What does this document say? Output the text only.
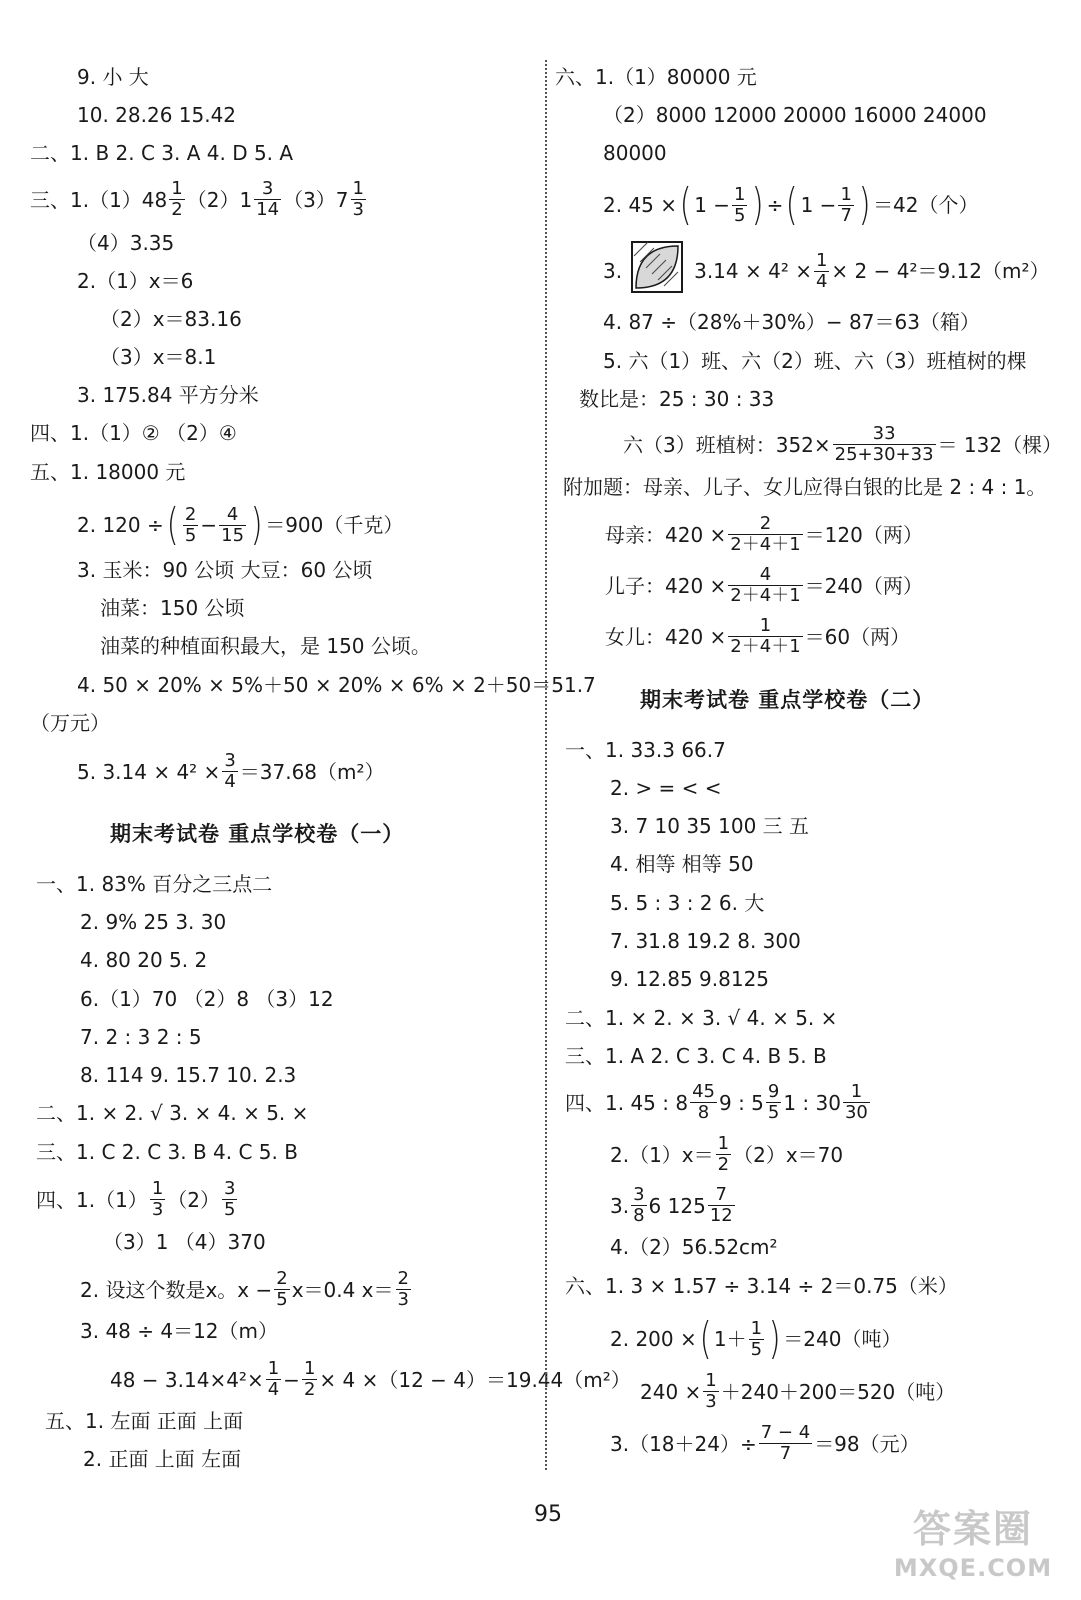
9. 小 大
10. 28.26 15.42
二、1. B 2. C 3. A 4. D 5. A
三、$1.(1)48 \frac{1}{2} (2)1 \frac{3}{14} (3)7 \frac{1}{3}$
（4）3.35
2.（1）x＝6
（2）x＝83.16
（3）x＝8.1
3. 175.84 平方分米
四、1.（1）② （2）④
五、1. 18000 元
2. 120 ÷( $\frac{2}{5} - \frac{4}{15}$ ) ＝900（千克）
3. 玉米：90 公顷 大豆：60 公顷
油菜：150 公顷
油菜的种植面积最大，是 150 公顷。
4. 50 × 20% × 5%＋50 × 20% × 6% × 2＋50＝51.7
（万元）
5. $3.14 \times 4^2 \times \frac{3}{4} =37.68(m^2)$
期末考试卷 重点学校卷（一）
一、1. 83% 百分之三点二
2. 9% 25 3. 30
4. 80 20 5. 2
6.（1）70 （2）8 （3）12
7. 2 : 3 2 : 5
8. 114 9. 15.7 10. 2.3
二、1. × 2. √ 3. × 4. × 5. ×
三、1. C 2. C 3. B 4. C 5. B
四、$1.(1) \frac{1}{3} (2) \frac{3}{5}$
（3）1 （4）370
2. 设这个数是x。$x - \frac{2}{5} x=0.4$ $x= \frac{2}{3}$
3. 48 ÷ 4＝12（m）
$48 - 3.14\times 4^2\times \frac{1}{4} - \frac{1}{2} \times 4 \times(12 - 4)=19.44(m^2)$
五、1. 左面 正面 上面
2. 正面 上面 左面
六、1.（1）80000 元
（2）8000 12000 20000 16000 24000
80000
2. 45 ×( $1 - \frac{1}{5}$ ) ÷( $1 - \frac{1}{7}$ ) ＝42（个）
3.	$3.14 \times 4^2 \times \frac{1}{4} \times 2 - 4^2=9.12(m^2)$
4. 87 ÷（28%＋30%）− 87＝63（箱）
5. 六（1）班、六（2）班、六（3）班植树的棵
数比是：25 : 30 : 33
六（3）班植树：$352\times \frac{33}{25+30+33} = 132$（棵）
附加题：母亲、儿子、女儿应得白银的比是 2 : 4 : 1。
母亲：$420 \times \frac{2}{2+4+1} =120$（两）
儿子：$420 \times \frac{4}{2+4+1} =240$（两）
女儿：$420 \times \frac{1}{2+4+1} =60$（两）
期末考试卷 重点学校卷（二）
一、1. 33.3 66.7
2. > = < <
3. 7 10 35 100 三 五
4. 相等 相等 50
5. 5 : 3 : 2 6. 大
7. 31.8 19.2 8. 300
9. 12.85 9.8125
二、1. × 2. × 3. √ 4. × 5. ×
三、1. A 2. C 3. C 4. B 5. B
四、1. 45 : $8 \frac{45}{8} 9$ : $5 \frac{9}{5} 1$ : $30 \frac{1}{30}$
$2.(1)x= \frac{1}{2} (2)x=70$
3. $\frac{3}{8} 6$ $125 \frac{7}{12}$
4.（2）56.52cm²
六、1. 3 × 1.57 ÷ 3.14 ÷ 2＝0.75（米）
2. 200 ×( $1+ \frac{1}{5}$ ) ＝240（吨）
$240 \times \frac{1}{3} +240+200=520$（吨）
$3.(18+24)\div \frac{7 - 4}{7} =98$（元）
95	答案圈
MXQE.COM
